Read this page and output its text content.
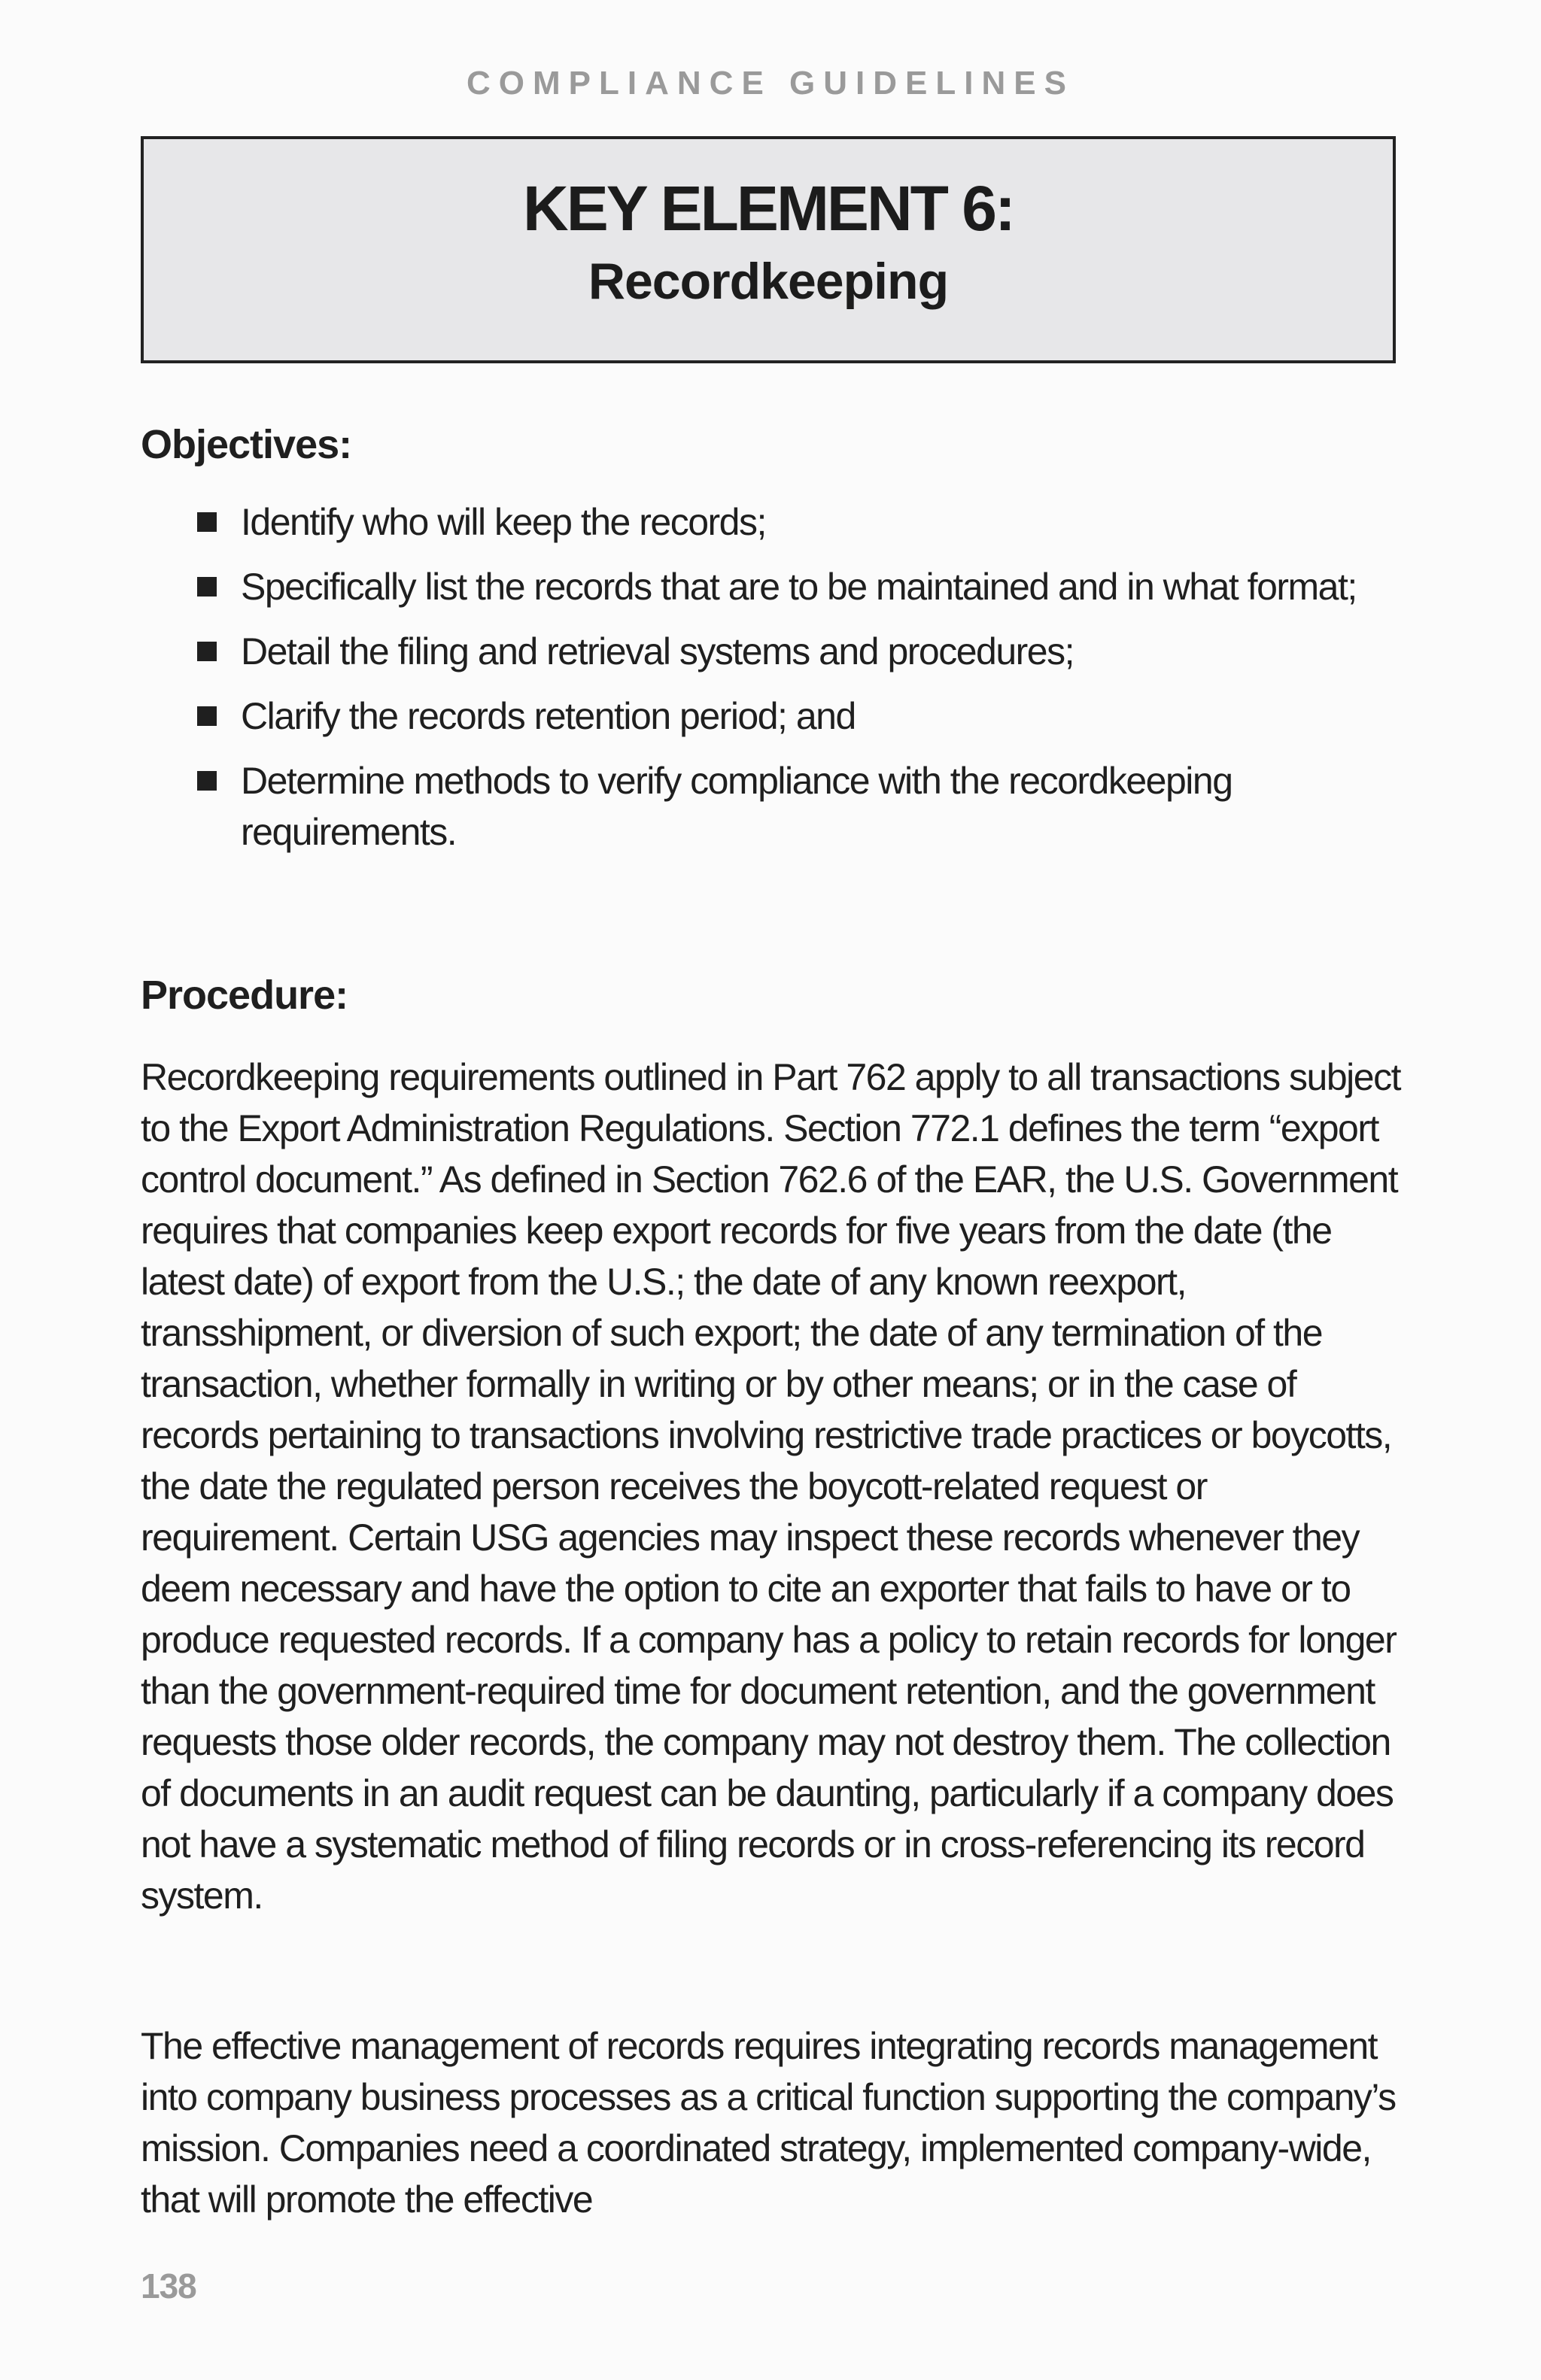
COMPLIANCE GUIDELINES
KEY ELEMENT 6:
Recordkeeping
Objectives:
Identify who will keep the records;
Specifically list the records that are to be maintained and in what format;
Detail the filing and retrieval systems and procedures;
Clarify the records retention period; and
Determine methods to verify compliance with the recordkeeping requirements.
Procedure:

Recordkeeping requirements outlined in Part 762 apply to all transactions subject to the Export Administration Regulations. Section 772.1 defines the term “export control document.” As defined in Section 762.6 of the EAR, the U.S. Government requires that companies keep export records for five years from the date (the latest date) of export from the U.S.; the date of any known reexport, transshipment, or diversion of such export; the date of any termination of the transaction, whether formally in writing or by other means; or in the case of records pertaining to transactions involving restrictive trade practices or boycotts, the date the regulated person receives the boycott-related request or requirement. Certain USG agencies may inspect these records whenever they deem necessary and have the option to cite an exporter that fails to have or to produce requested records. If a company has a policy to retain records for longer than the government-required time for document retention, and the government requests those older records, the company may not destroy them. The collection of documents in an audit request can be daunting, particularly if a company does not have a systematic method of filing records or in cross-referencing its record system.

The effective management of records requires integrating records management into company business processes as a critical function supporting the company’s mission. Companies need a coordinated strategy, implemented company-wide, that will promote the effective

138
